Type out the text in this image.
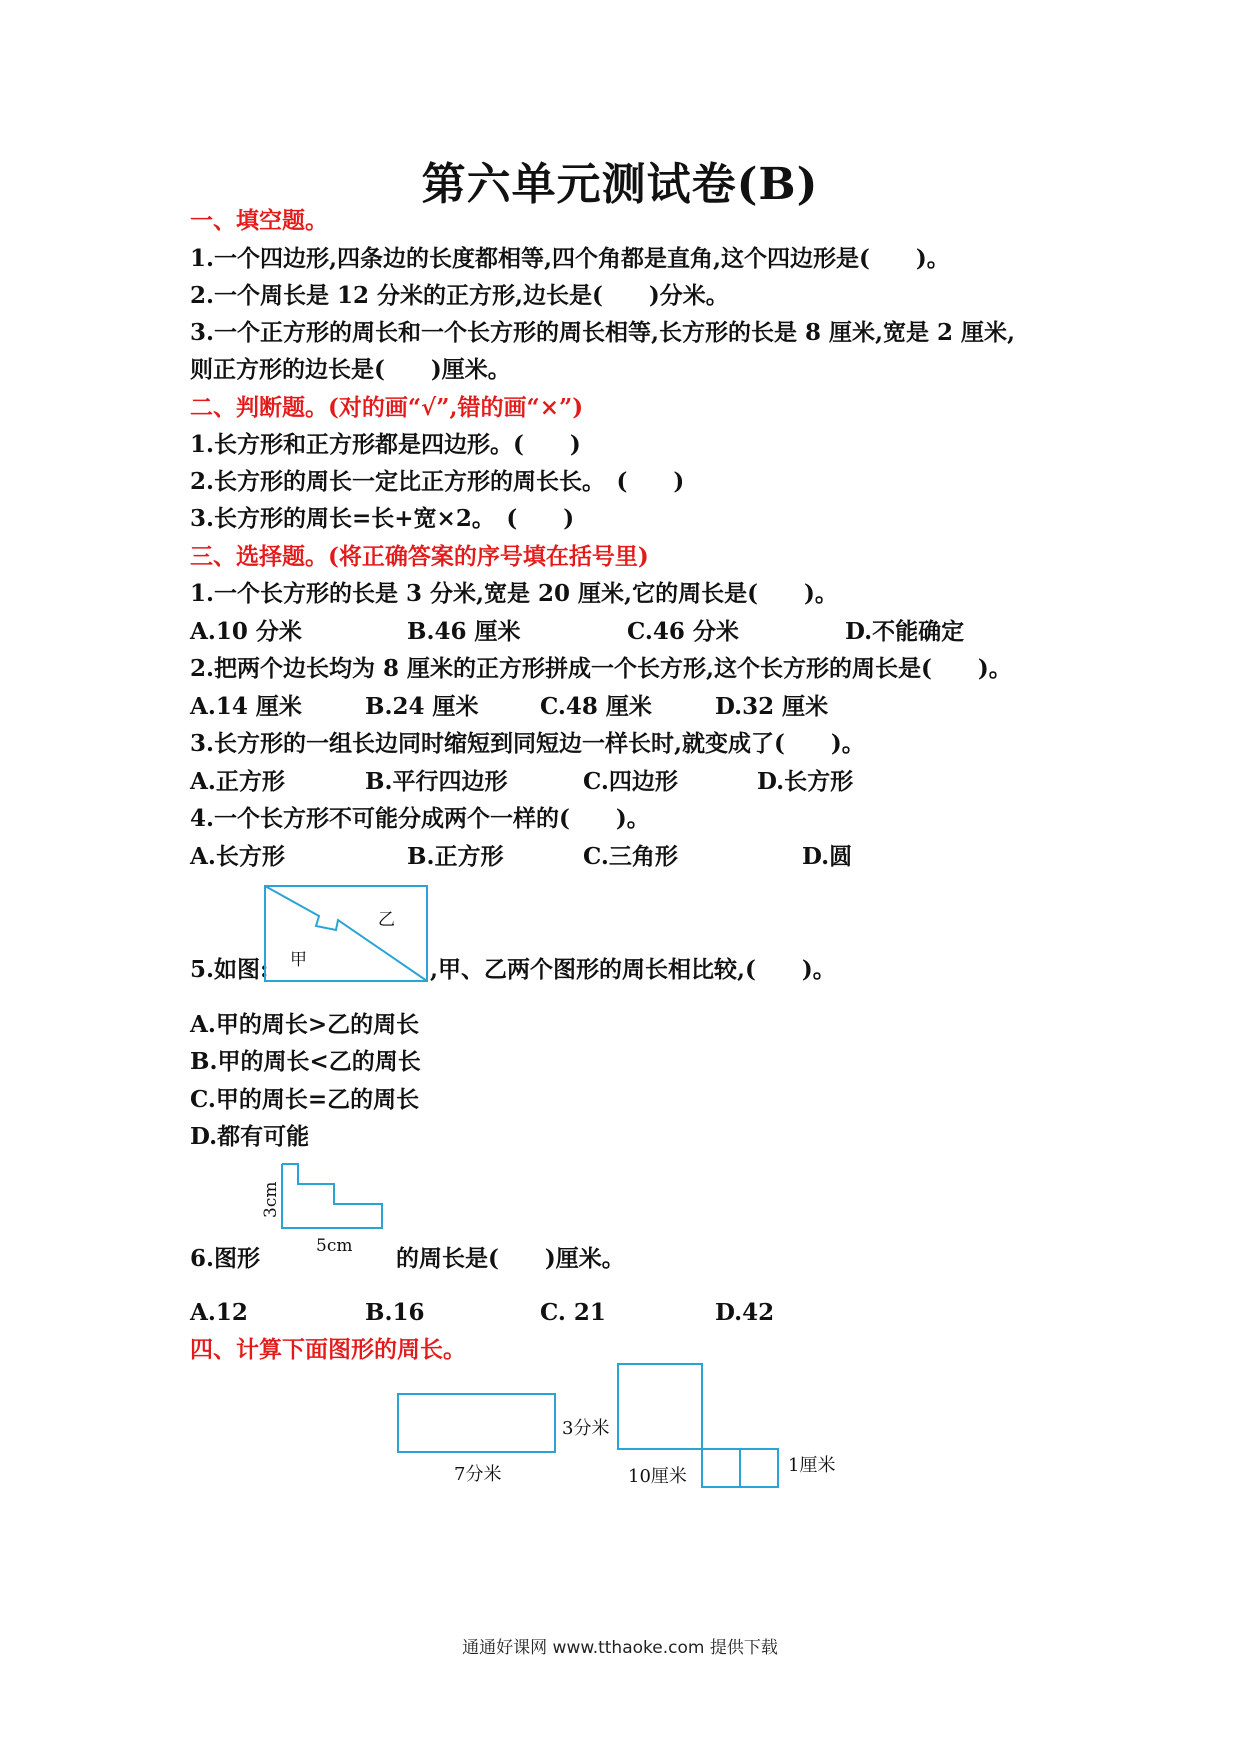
第六单元测试卷(B)
一、填空题。
1.一个四边形,四条边的长度都相等,四个角都是直角,这个四边形是(　　)。
2.一个周长是 12 分米的正方形,边长是(　　)分米。
3.一个正方形的周长和一个长方形的周长相等,长方形的长是 8 厘米,宽是 2 厘米,
则正方形的边长是(　　)厘米。
二、判断题。(对的画“√”,错的画“×”)
1.长方形和正方形都是四边形。(　　)
2.长方形的周长一定比正方形的周长长。　(　　)
3.长方形的周长=长+宽×2。　(　　)
三、选择题。(将正确答案的序号填在括号里)
1.一个长方形的长是 3 分米,宽是 20 厘米,它的周长是(　　)。
A.10 分米	B.46 厘米	C.46 分米	D.不能确定
2.把两个边长均为 8 厘米的正方形拼成一个长方形,这个长方形的周长是(　　)。
A.14 厘米	B.24 厘米	C.48 厘米	D.32 厘米
3.长方形的一组长边同时缩短到同短边一样长时,就变成了(　　)。
A.正方形	B.平行四边形	C.四边形	D.长方形
4.一个长方形不可能分成两个一样的(　　)。
A.长方形	B.正方形	C.三角形	D.圆
5.如图:
乙
甲	,甲、乙两个图形的周长相比较,(　　)。
A.甲的周长>乙的周长
B.甲的周长<乙的周长
C.甲的周长=乙的周长
D.都有可能
3cm
5cm
6.图形	的周长是(　　)厘米。
A.12	B.16	C. 21	D.42
四、计算下面图形的周长。
3分米
7分米	10厘米
1厘米
通通好课网 www.tthaoke.com 提供下载
